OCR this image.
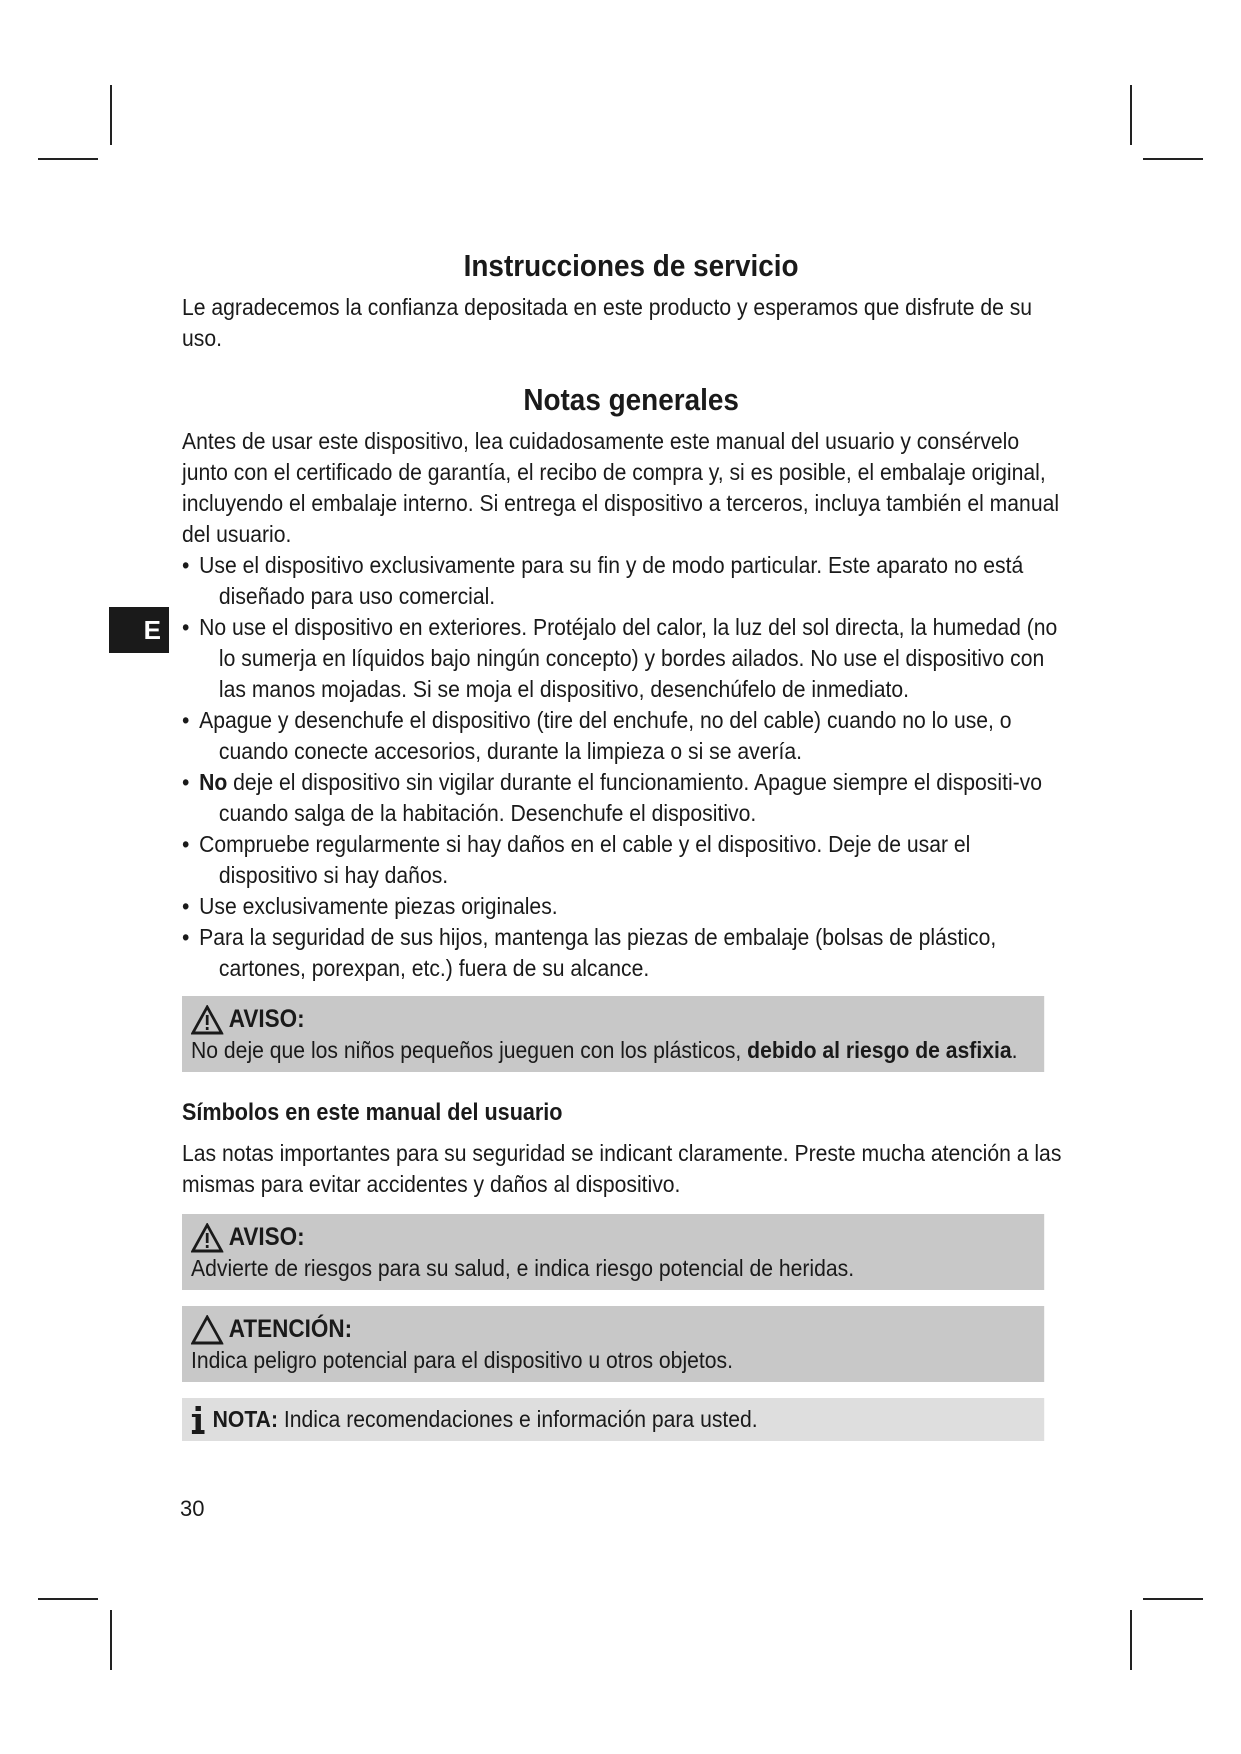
E
Instrucciones de servicio

Le agradecemos la confianza depositada en este producto y esperamos que disfrute de su uso.

Notas generales

Antes de usar este dispositivo, lea cuidadosamente este manual del usuario y consérvelo junto con el certificado de garantía, el recibo de compra y, si es posible, el embalaje original, incluyendo el embalaje interno. Si entrega el dispositivo a terceros, incluya también el manual del usuario.

• Use el dispositivo exclusivamente para su fin y de modo particular. Este aparato no está diseñado para uso comercial.
• No use el dispositivo en exteriores. Protéjalo del calor, la luz del sol directa, la humedad (no lo sumerja en líquidos bajo ningún concepto) y bordes ailados. No use el dispositivo con las manos mojadas. Si se moja el dispositivo, desenchúfelo de inmediato.
• Apague y desenchufe el dispositivo (tire del enchufe, no del cable) cuando no lo use, o cuando conecte accesorios, durante la limpieza o si se avería.
• No deje el dispositivo sin vigilar durante el funcionamiento. Apague siempre el dispositi-vo cuando salga de la habitación. Desenchufe el dispositivo.
• Compruebe regularmente si hay daños en el cable y el dispositivo. Deje de usar el dispositivo si hay daños.
• Use exclusivamente piezas originales.
• Para la seguridad de sus hijos, mantenga las piezas de embalaje (bolsas de plástico, cartones, porexpan, etc.) fuera de su alcance.
AVISO:
No deje que los niños pequeños jueguen con los plásticos, debido al riesgo de asfixia.
Símbolos en este manual del usuario

Las notas importantes para su seguridad se indicant claramente. Preste mucha atención a las mismas para evitar accidentes y daños al dispositivo.

AVISO:
Advierte de riesgos para su salud, e indica riesgo potencial de heridas.
ATENCIÓN:
Indica peligro potencial para el dispositivo u otros objetos.
NOTA: Indica recomendaciones e información para usted.
30
